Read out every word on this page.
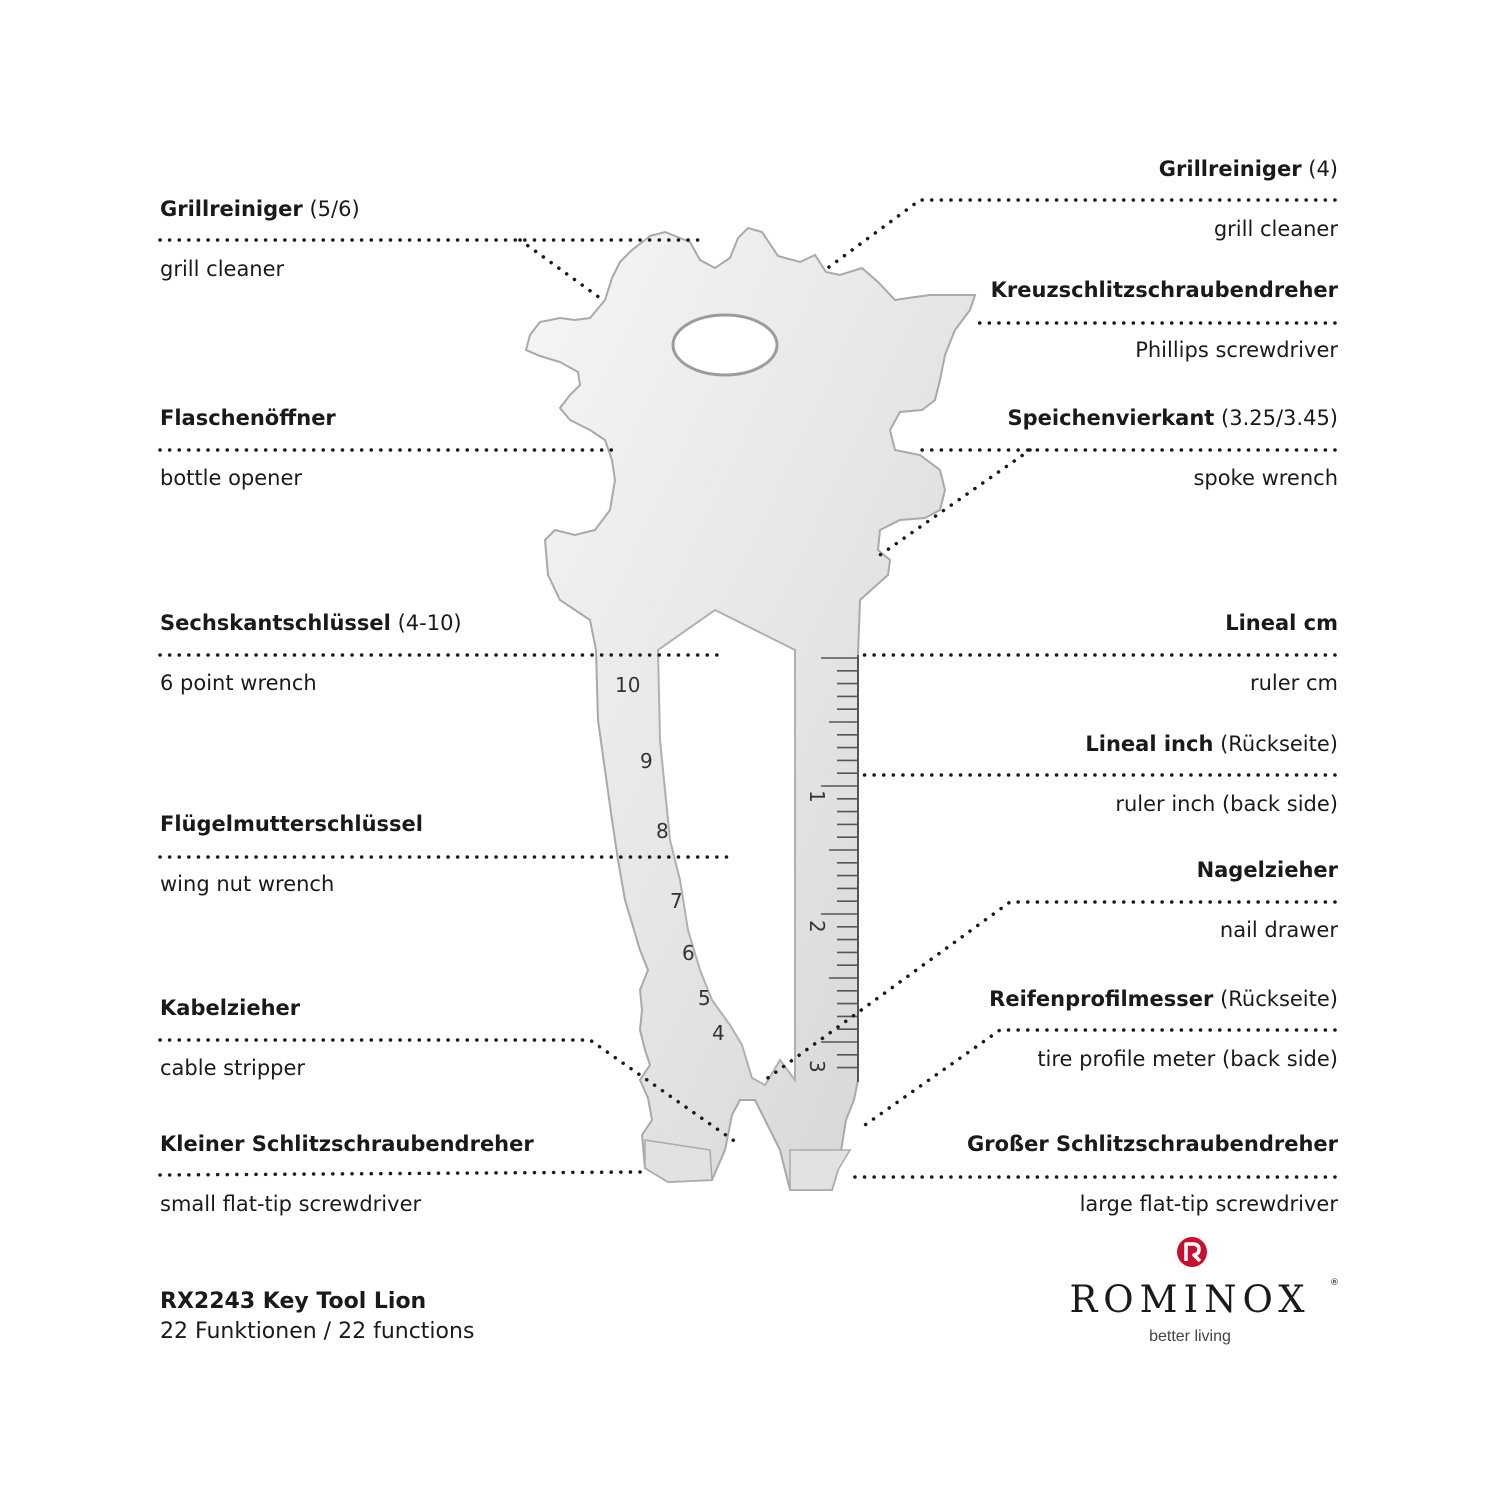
1
2
3
10
9
8
7
6
5
4
Grillreiniger (5/6)
grill cleaner
Flaschenöffner
bottle opener
Sechskantschlüssel (4-10)
6 point wrench
Flügelmutterschlüssel
wing nut wrench
Kabelzieher
cable stripper
Kleiner Schlitzschraubendreher
small flat-tip screwdriver
Grillreiniger (4)
grill cleaner
Kreuzschlitzschraubendreher
Phillips screwdriver
Speichenvierkant (3.25/3.45)
spoke wrench
Lineal cm
ruler cm
Lineal inch (Rückseite)
ruler inch (back side)
Nagelzieher
nail drawer
Reifenprofilmesser (Rückseite)
tire profile meter (back side)
Großer Schlitzschraubendreher
large flat-tip screwdriver
RX2243 Key Tool Lion
22 Funktionen / 22 functions
ROMINOX	®
better living
